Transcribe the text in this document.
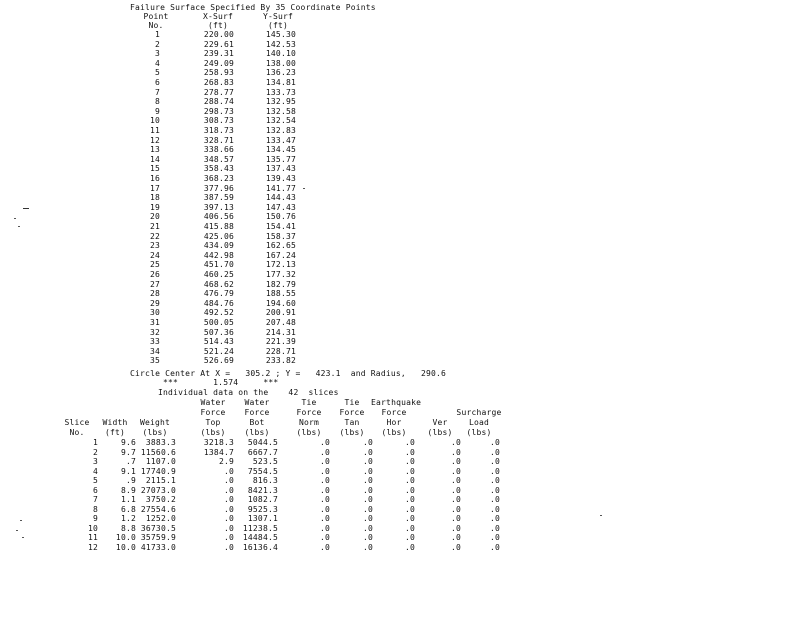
Failure Surface Specified By 35 Coordinate Points
Point
No.
X-Surf
(ft)
Y-Surf
(ft)
1	220.00	145.30
2	229.61	142.53
3	239.31	140.10
4	249.09	138.00
5	258.93	136.23
6	268.83	134.81
7	278.77	133.73
8	288.74	132.95
9	298.73	132.58
10	308.73	132.54
11	318.73	132.83
12	328.71	133.47
13	338.66	134.45
14	348.57	135.77
15	358.43	137.43
16	368.23	139.43
17	377.96	141.77
18	387.59	144.43
19	397.13	147.43
20	406.56	150.76
21	415.88	154.41
22	425.06	158.37
23	434.09	162.65
24	442.98	167.24
25	451.70	172.13
26	460.25	177.32
27	468.62	182.79
28	476.79	188.55
29	484.76	194.60
30	492.52	200.91
31	500.05	207.48
32	507.36	214.31
33	514.43	221.39
34	521.24	228.71
35	526.69	233.82
Circle Center At X =   305.2 ; Y =   423.1  and Radius,   290.6
***       1.574     ***
Individual data on the    42  slices
Water	Water	Tie	Tie	Earthquake
Force	Force	Force	Force	Force	Surcharge
Slice	Width	Weight	Top	Bot	Norm	Tan	Hor	Ver	Load
No.	(ft)	(lbs)	(lbs)	(lbs)	(lbs)	(lbs)	(lbs)	(lbs)	(lbs)
1	9.6	3883.3	3218.3	5044.5	.0	.0	.0	.0	.0
2	9.7 11560.6	1384.7	6667.7	.0	.0	.0	.0	.0
3	.7	1107.0	2.9	523.5	.0	.0	.0	.0	.0
4	9.1 17740.9	.0	7554.5	.0	.0	.0	.0	.0
5	.9	2115.1	.0	816.3	.0	.0	.0	.0	.0
6	8.9 27073.0	.0	8421.3	.0	.0	.0	.0	.0
7	1.1	3750.2	.0	1082.7	.0	.0	.0	.0	.0
8	6.8 27554.6	.0	9525.3	.0	.0	.0	.0	.0
9	1.2	1252.0	.0	1307.1	.0	.0	.0	.0	.0
10	8.8 36730.5	.0	11238.5	.0	.0	.0	.0	.0
11	10.0 35759.9	.0	14484.5	.0	.0	.0	.0	.0
12	10.0 41733.0	.0	16136.4	.0	.0	.0	.0	.0
